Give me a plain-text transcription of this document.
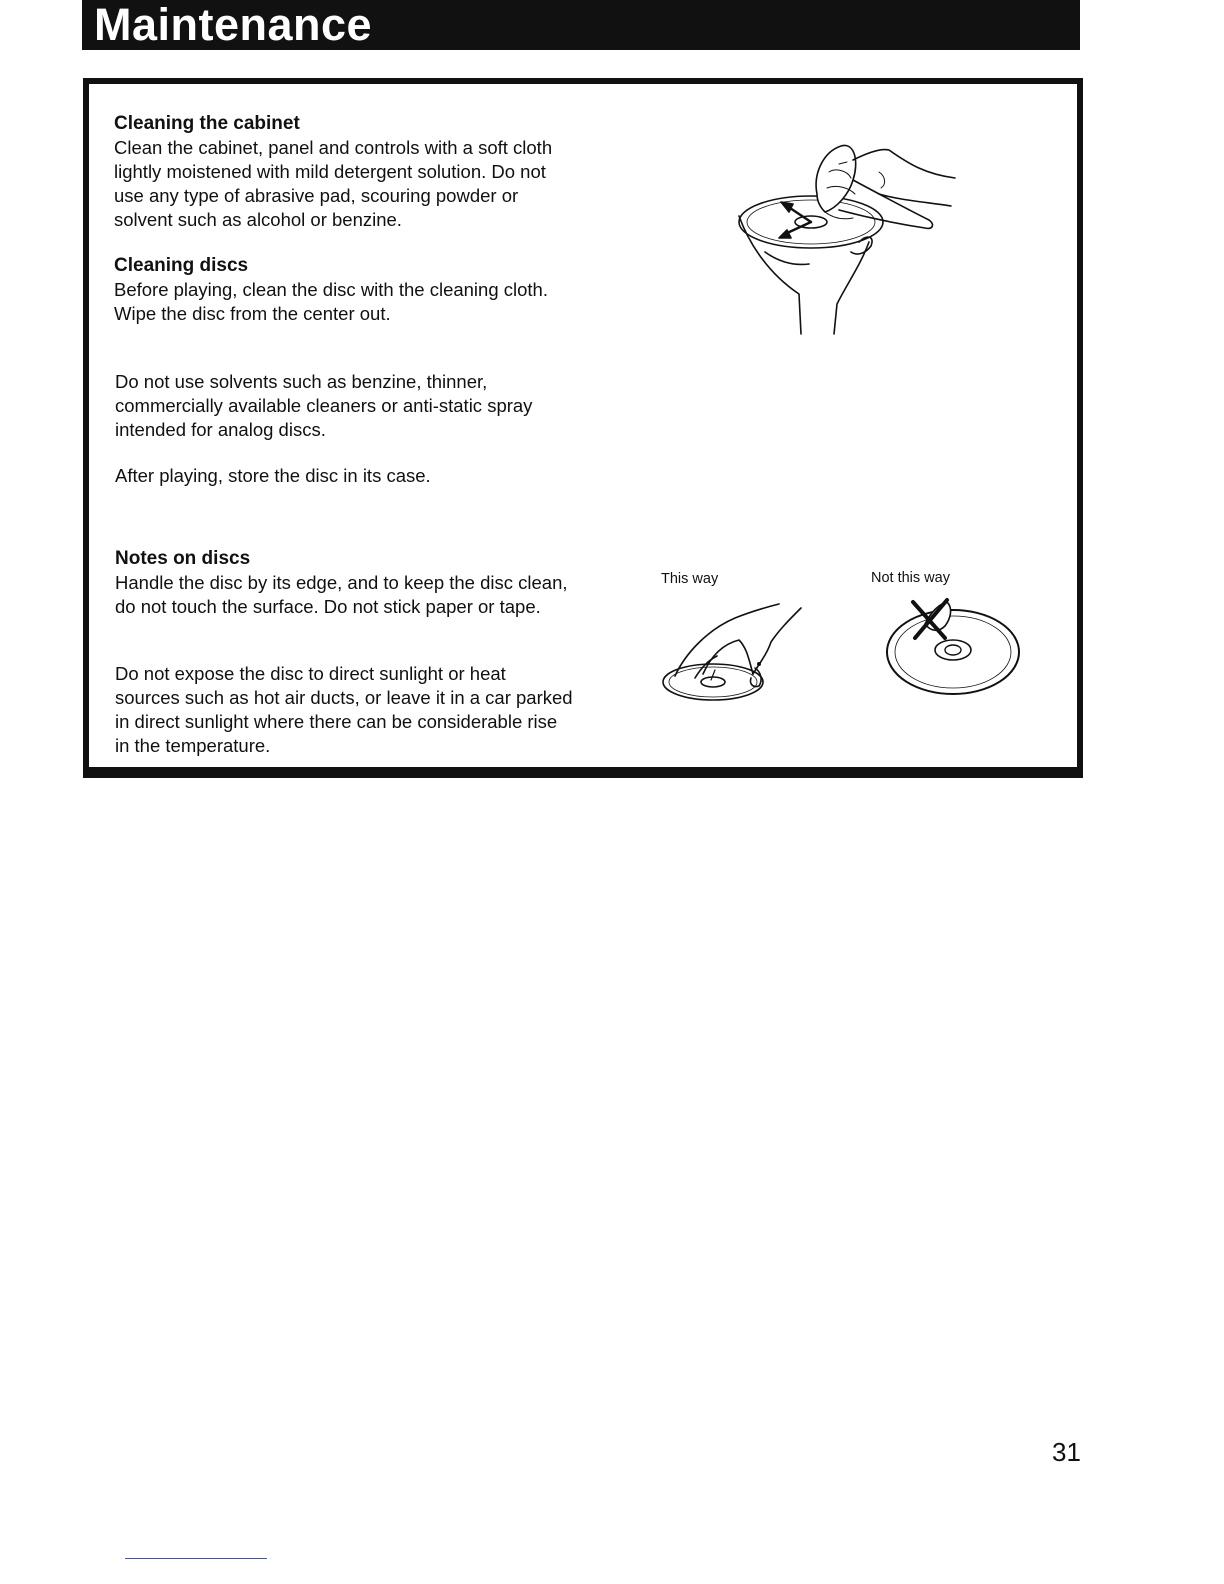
Maintenance
Cleaning the cabinet

Clean the cabinet, panel and controls with a soft cloth lightly moistened with mild detergent solution. Do not use any type of abrasive pad, scouring powder or solvent such as alcohol or benzine.

Cleaning discs

Before playing, clean the disc with the cleaning cloth. Wipe the disc from the center out.

Do not use solvents such as benzine, thinner, commercially available cleaners or anti-static spray intended for analog discs.

After playing, store the disc in its case.

Notes on discs

Handle the disc by its edge, and to keep the disc clean, do not touch the surface. Do not stick paper or tape.

Do not expose the disc to direct sunlight or heat sources such as hot air ducts, or leave it in a car parked in direct sunlight where there can be considerable rise in the temperature.

This way	Not this way
31
